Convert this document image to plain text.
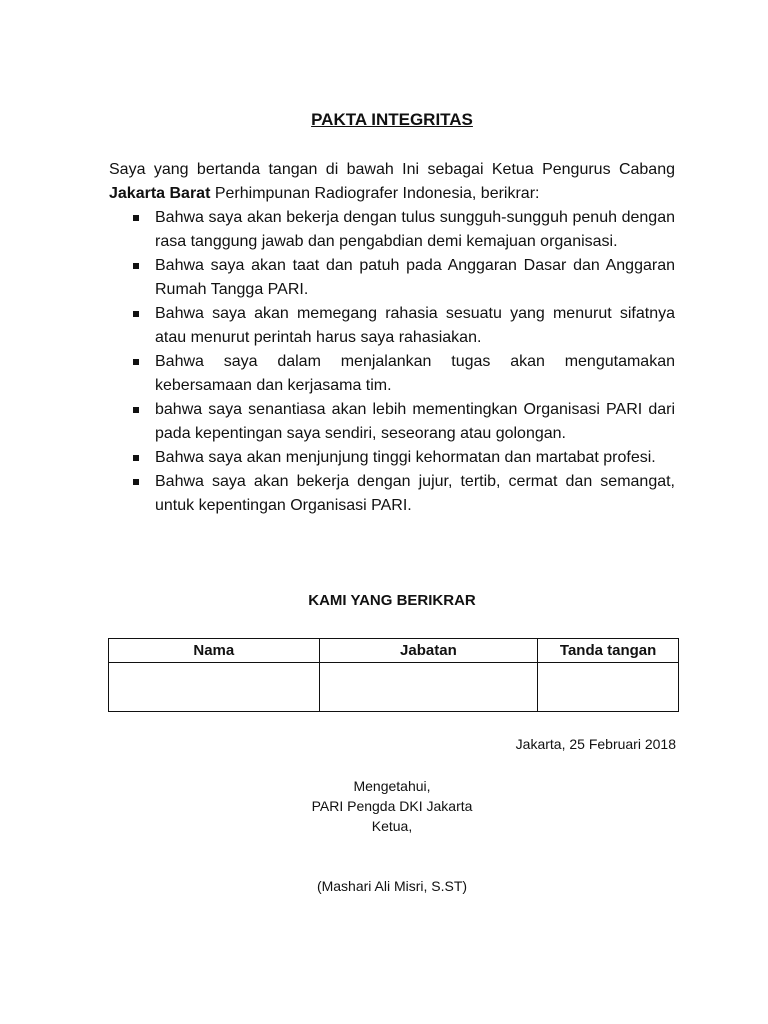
PAKTA INTEGRITAS
Saya yang bertanda tangan di bawah Ini sebagai Ketua Pengurus Cabang
Jakarta Barat Perhimpunan Radiografer Indonesia, berikrar:
Bahwa saya akan bekerja dengan tulus sungguh-sungguh penuh dengan rasa tanggung jawab dan pengabdian demi kemajuan organisasi.
Bahwa saya akan taat dan patuh pada Anggaran Dasar dan Anggaran Rumah Tangga PARI.
Bahwa saya akan memegang rahasia sesuatu yang menurut sifatnya atau menurut perintah harus saya rahasiakan.
Bahwa saya dalam menjalankan tugas akan mengutamakan kebersamaan dan kerjasama tim.
bahwa saya senantiasa akan lebih mementingkan Organisasi PARI dari pada kepentingan saya sendiri, seseorang atau golongan.
Bahwa saya akan menjunjung tinggi kehormatan dan martabat profesi.
Bahwa saya akan bekerja dengan jujur, tertib, cermat dan semangat, untuk kepentingan Organisasi PARI.
KAMI YANG BERIKRAR
Nama	Jabatan	Tanda tangan

Jakarta, 25 Februari 2018
Mengetahui,
PARI Pengda DKI Jakarta
Ketua,
(Mashari Ali Misri, S.ST)
